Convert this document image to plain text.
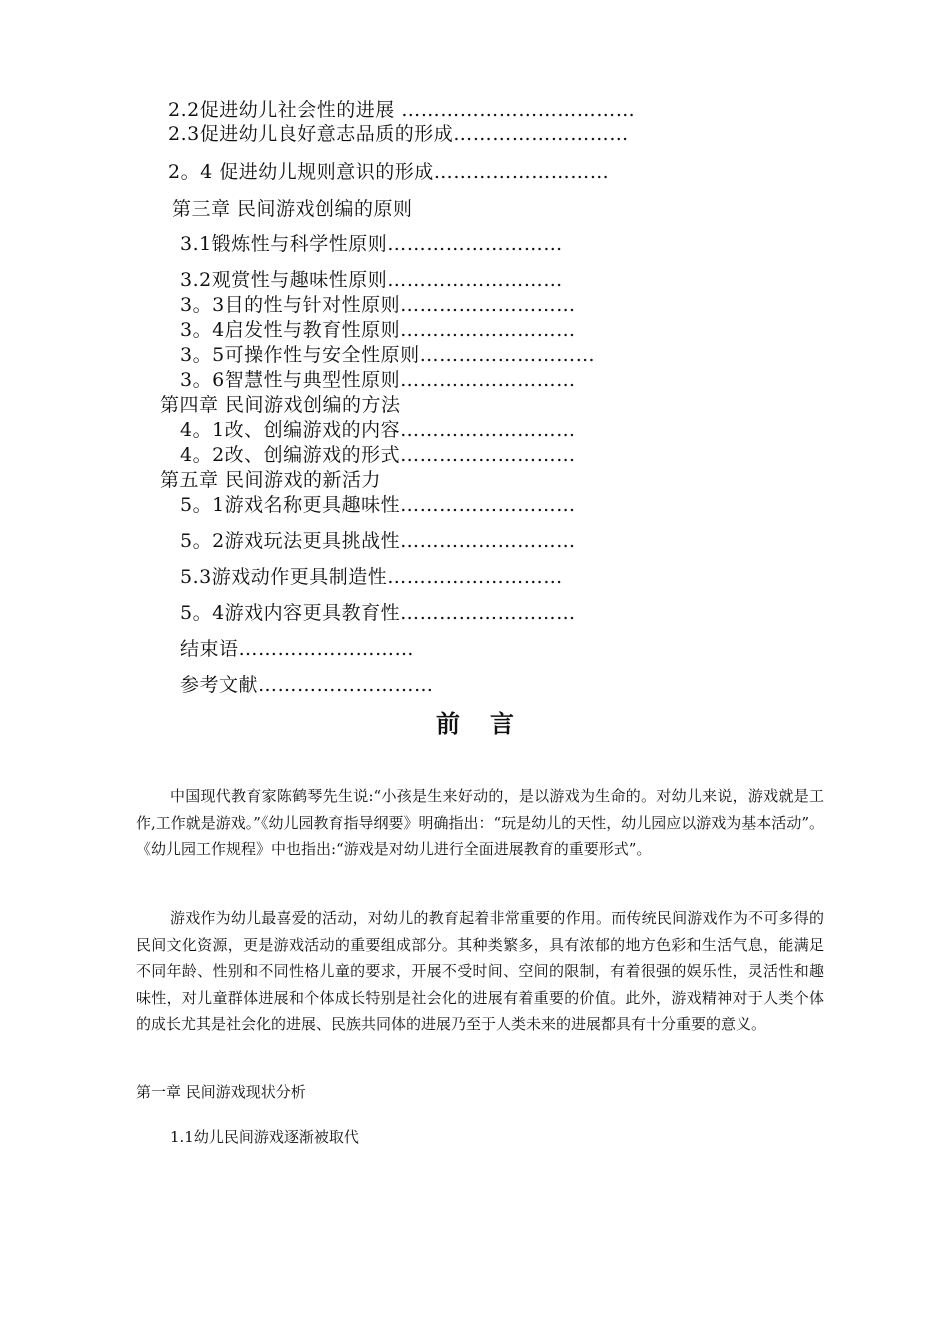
2.2促进幼儿社会性的进展 ………………………………
2.3促进幼儿良好意志品质的形成………………………
2。4 促进幼儿规则意识的形成………………………
第三章 民间游戏创编的原则
3.1锻炼性与科学性原则………………………
3.2观赏性与趣味性原则………………………
3。3目的性与针对性原则………………………
3。4启发性与教育性原则………………………
3。5可操作性与安全性原则………………………
3。6智慧性与典型性原则………………………
第四章 民间游戏创编的方法
4。1改、创编游戏的内容………………………
4。2改、创编游戏的形式………………………
第五章 民间游戏的新活力
5。1游戏名称更具趣味性………………………
5。2游戏玩法更具挑战性………………………
5.3游戏动作更具制造性………………………
5。4游戏内容更具教育性………………………
结束语………………………
参考文献………………………
前言

中国现代教育家陈鹤琴先生说:“小孩是生来好动的，是以游戏为生命的。对幼儿来说，游戏就是工作,工作就是游戏。”《幼儿园教育指导纲要》明确指出：“玩是幼儿的天性，幼儿园应以游戏为基本活动”。《幼儿园工作规程》中也指出:“游戏是对幼儿进行全面进展教育的重要形式”。

游戏作为幼儿最喜爱的活动，对幼儿的教育起着非常重要的作用。而传统民间游戏作为不可多得的民间文化资源，更是游戏活动的重要组成部分。其种类繁多，具有浓郁的地方色彩和生活气息，能满足不同年龄、性别和不同性格儿童的要求，开展不受时间、空间的限制，有着很强的娱乐性，灵活性和趣味性，对儿童群体进展和个体成长特别是社会化的进展有着重要的价值。此外，游戏精神对于人类个体的成长尤其是社会化的进展、民族共同体的进展乃至于人类未来的进展都具有十分重要的意义。

第一章 民间游戏现状分析
1.1幼儿民间游戏逐渐被取代
